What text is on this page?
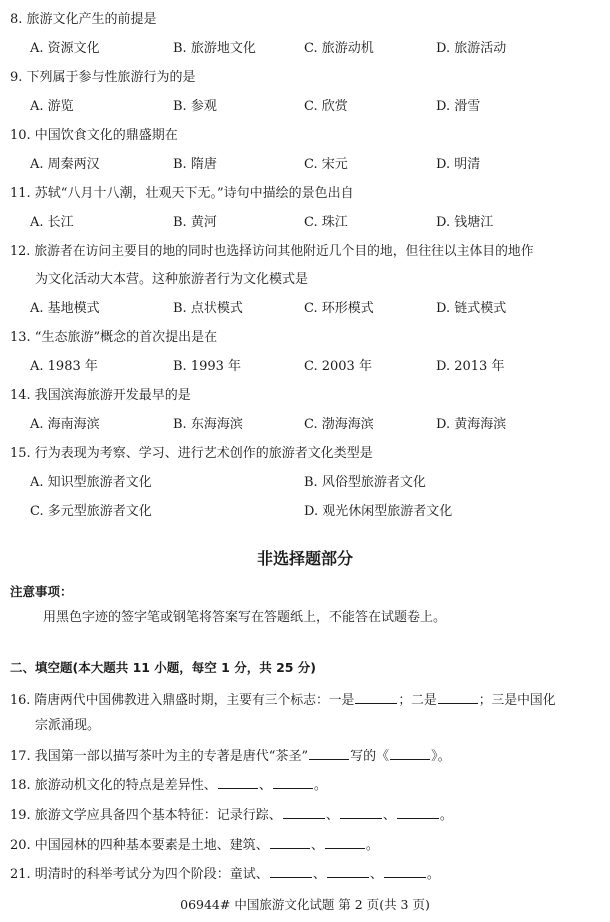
8. 旅游文化产生的前提是
A. 资源文化	B. 旅游地文化	C. 旅游动机	D. 旅游活动
9. 下列属于参与性旅游行为的是
A. 游览	B. 参观	C. 欣赏	D. 滑雪
10. 中国饮食文化的鼎盛期在
A. 周秦两汉	B. 隋唐	C. 宋元	D. 明清
11. 苏轼“八月十八潮，壮观天下无。”诗句中描绘的景色出自
A. 长江	B. 黄河	C. 珠江	D. 钱塘江
12. 旅游者在访问主要目的地的同时也选择访问其他附近几个目的地，但往往以主体目的地作
为文化活动大本营。这种旅游者行为文化模式是
A. 基地模式	B. 点状模式	C. 环形模式	D. 链式模式
13. “生态旅游”概念的首次提出是在
A. 1983 年	B. 1993 年	C. 2003 年	D. 2013 年
14. 我国滨海旅游开发最早的是
A. 海南海滨	B. 东海海滨	C. 渤海海滨	D. 黄海海滨
15. 行为表现为考察、学习、进行艺术创作的旅游者文化类型是
A. 知识型旅游者文化	B. 风俗型旅游者文化
C. 多元型旅游者文化	D. 观光休闲型旅游者文化
非选择题部分
注意事项：
用黑色字迹的签字笔或钢笔将答案写在答题纸上，不能答在试题卷上。
二、填空题(本大题共 11 小题，每空 1 分，共 25 分)
16. 隋唐两代中国佛教进入鼎盛时期，主要有三个标志：一是	；二是	；三是中国化
宗派涌现。
17. 我国第一部以描写茶叶为主的专著是唐代“茶圣”	写的《	》。
18. 旅游动机文化的特点是差异性、	、	。
19. 旅游文学应具备四个基本特征：记录行踪、	、	、	。
20. 中国园林的四种基本要素是土地、建筑、	、	。
21. 明清时的科举考试分为四个阶段：童试、	、	、	。
06944# 中国旅游文化试题 第 2 页(共 3 页)
